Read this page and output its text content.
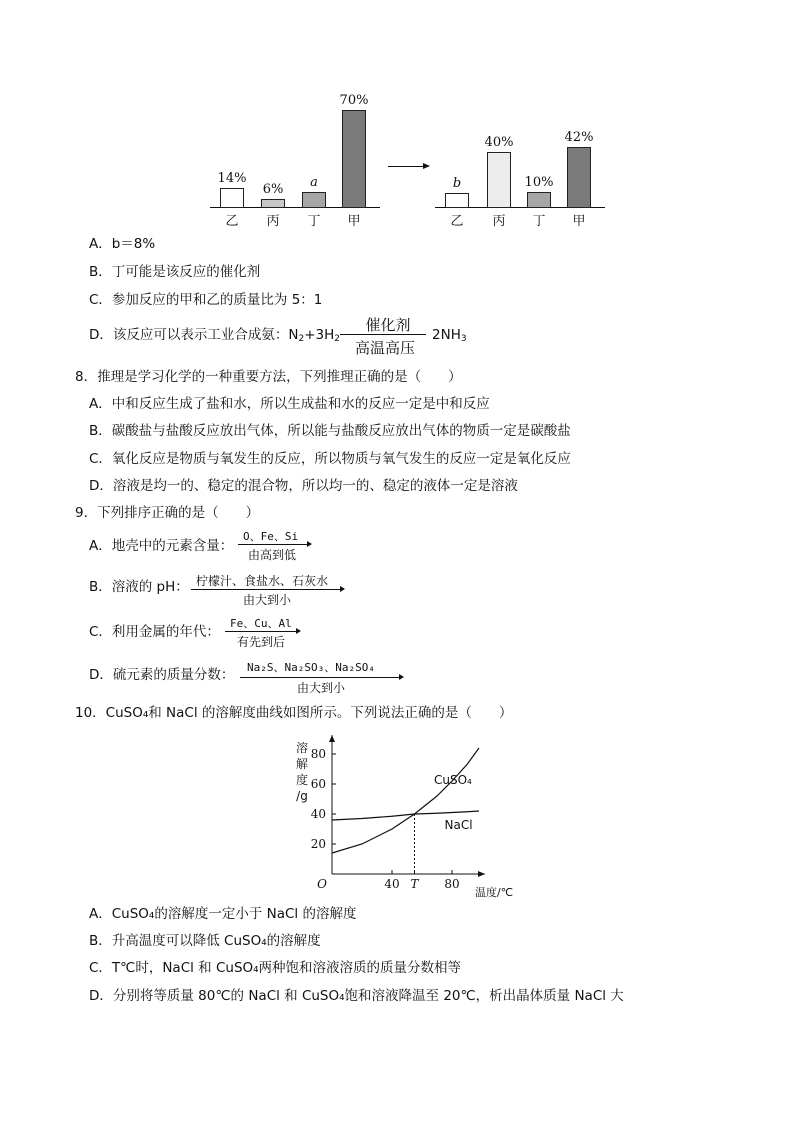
14%
6%	a
70%
乙	丙	丁	甲
b
40%
10%
42%
乙	丙	丁	甲
A．b＝8%
B．丁可能是该反应的催化剂
C．参加反应的甲和乙的质量比为 5：1
D．该反应可以表示工业合成氨：$N_2+3H_2$
催化剂
高温高压
$2NH_3$
8．推理是学习化学的一种重要方法，下列推理正确的是（　　）
A．中和反应生成了盐和水，所以生成盐和水的反应一定是中和反应
B．碳酸盐与盐酸反应放出气体，所以能与盐酸反应放出气体的物质一定是碳酸盐
C．氧化反应是物质与氧发生的反应，所以物质与氧气发生的反应一定是氧化反应
D．溶液是均一的、稳定的混合物，所以均一的、稳定的液体一定是溶液
9．下列排序正确的是（　　）
A．地壳中的元素含量：
O、Fe、Si
由高到低
B．溶液的 pH： 柠檬汁、食盐水、石灰水
由大到小
C．利用金属的年代：
Fe、Cu、Al
有先到后
D．硫元素的质量分数： Na₂S、Na₂SO₃、Na₂SO₄
由大到小
10．CuSO₄和 NaCl 的溶解度曲线如图所示。下列说法正确的是（　　）
20
40
60
80
40 T 80
O
溶
解
度
/g
温度/℃
CuSO₄
NaCl
A．CuSO₄的溶解度一定小于 NaCl 的溶解度
B．升高温度可以降低 CuSO₄的溶解度
C．T℃时，NaCl 和 CuSO₄两种饱和溶液溶质的质量分数相等
D．分别将等质量 80℃的 NaCl 和 CuSO₄饱和溶液降温至 20℃，析出晶体质量 NaCl 大
